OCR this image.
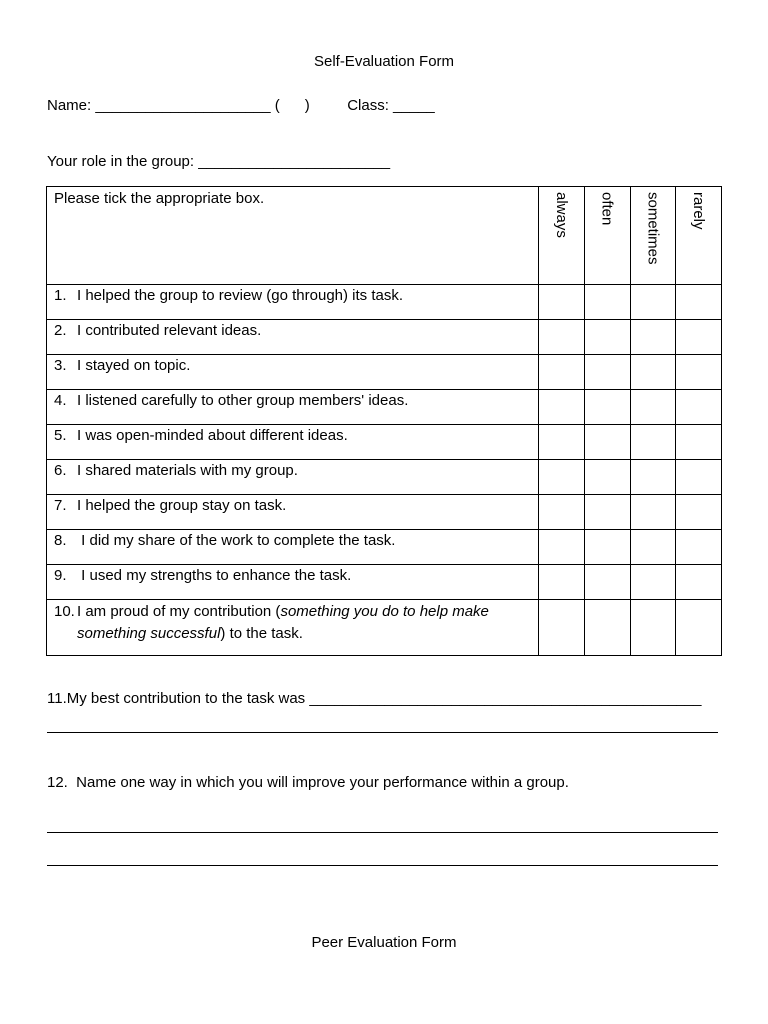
Self-Evaluation Form
Name: _____________________ (      )         Class: _____
Your role in the group: _______________________
Please tick the appropriate box.	always	often	sometimes	rarely

1. I helped the group to review (go through) its task.				
2. I contributed relevant ideas.				
3. I stayed on topic.				
4. I listened carefully to other group members' ideas.				
5. I was open-minded about different ideas.				
6. I shared materials with my group.				
7. I helped the group stay on task.				
8. I did my share of the work to complete the task.				
9. I used my strengths to enhance the task.				
10. I am proud of my contribution (something you do to help make
something successful) to the task.				

11.My best contribution to the task was _______________________________________________
12.  Name one way in which you will improve your performance within a group.
Peer Evaluation Form
